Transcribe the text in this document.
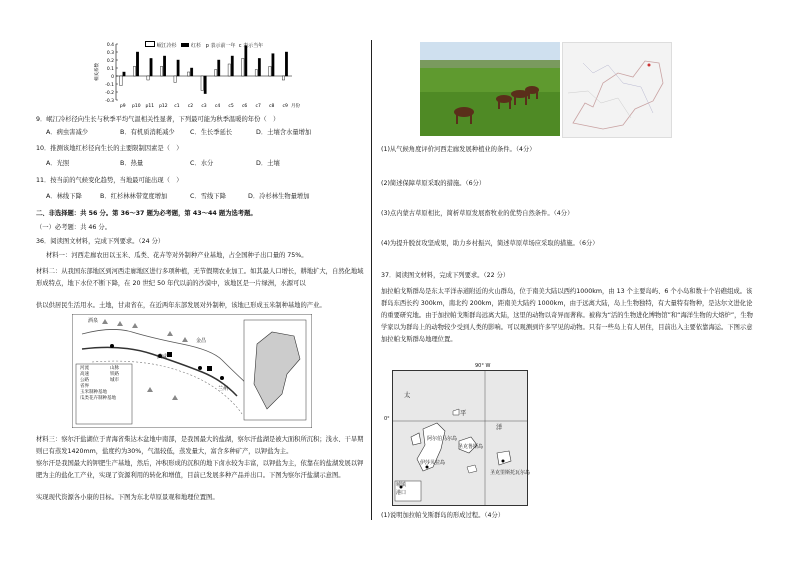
0.4
0.3
0.2
0.1
0
-0.1
-0.2
-0.3
相关系数
p9 p10 p11 p12 c1 c2 c3 c4 c5 c6 c7 c8 c9 月份
岷江冷杉	红杉 p 表示前一年 c 表示当年
9．岷江冷杉径向生长与秋季平均气温相关性显著，下列最可能为秋季温暖的年份（　）
A．病虫害减少	B．有机质消耗减少 C．生长季延长	D．土壤含水量增加
10．推测该地红杉径向生长的主要限制因素是（　）
A．光照	B．热量	C．水分	D．土壤
11．按当前的气候变化趋势，当地最可能出现（　）
A．林线下降	B．红杉林林带宽度增加	C．雪线下降	D．冷杉林生物量增加
二、非选择题：共 56 分。第 36～37 题为必考题，第 43～44 题为选考题。
（一）必考题：共 46 分。
36．阅读图文材料，完成下列要求。（24 分）
材料一：河西走廊农田以玉米、瓜类、花卉等对外制种产业基地，占全国种子出口量的 75%。
材料二：从我国东部地区到河西走廊地区进行多项种植，无节假期农业加工。如其最人口增长，耕地扩大，自然化地域形成特点，地下水位不断下降，在 20 世纪 50 年代以前的沙漠中，该地区是一片绿洲，水源可以
供以供居民生活用水。土地，甘肃省在，在近两年东部发展对外制种，该地已形成玉米制种基地的产业。
酒泉
武威
金昌
兰州
河流
高速
公路
省界
玉米制种基地
瓜类花卉制种基地
山脉
铁路
城市
材料三：察尔汗盐湖位于青海省柴达木盆地中南部，是我国最大的盐湖，察尔汗盐湖是被大面积所沉积；浅水、干旱期则已有蒸发1420mm，盐度约为30%，气温较低，蒸发量大，富含多种矿产，以钾盐为主。
察尔汗是我国最大的钾肥生产基地，然后，冲积形成的沉积的地下卤水较为丰富，以钾盐为主，依靠在的盐湖发展以钾肥为主的盐化工产业，实现了资源利用的转化和增值，目前已发展多种产品并出口。下图为察尔汗盐湖示意图。
实现现代资源各小康的目标。下图为东北草原景观和地理位置图。
(1)从气候角度评价河西走廊发展种植业的条件。（4分）
(2)简述保障草原采取的措施。（6分）
(3)点内蒙古草原相比，简析草原发展畜牧业的优势自然条件。（4分）
(4)为提升脱贫攻坚成果，助力乡村振兴，简述草原草场应采取的措施。（6分）
37．阅读图文材料，完成下列要求。（22 分）
加拉帕戈斯群岛是东太平洋赤道附近的火山群岛，位于南美大陆以西约1000km，由 13 个主要岛屿、6 个小岛和数十个岩礁组成。该群岛东西长约 300km，南北约 200km，距南美大陆约 1000km，由于远离大陆，岛上生物独特，有大量特有物种，是达尔文进化论的重要研究地。由于加拉帕戈斯群岛远离大陆，这里的动物以奇异而著称。被称为“活的生物进化博物馆”和“海洋生物的大熔炉”，生物学家以为群岛上的动物较少受到人类的影响。可以观测到许多罕见的动物。只有一些岛上有人居住，目前出入主要依靠海运。下图示意加拉帕戈斯群岛地理位置。
90° W
0°
太
平
洋
阿尔伯马尔岛
圣克鲁斯岛
伊莎贝拉岛
圣克里斯托瓦尔岛
城镇
港口
(1)说明加拉帕戈斯群岛的形成过程。（4分）
